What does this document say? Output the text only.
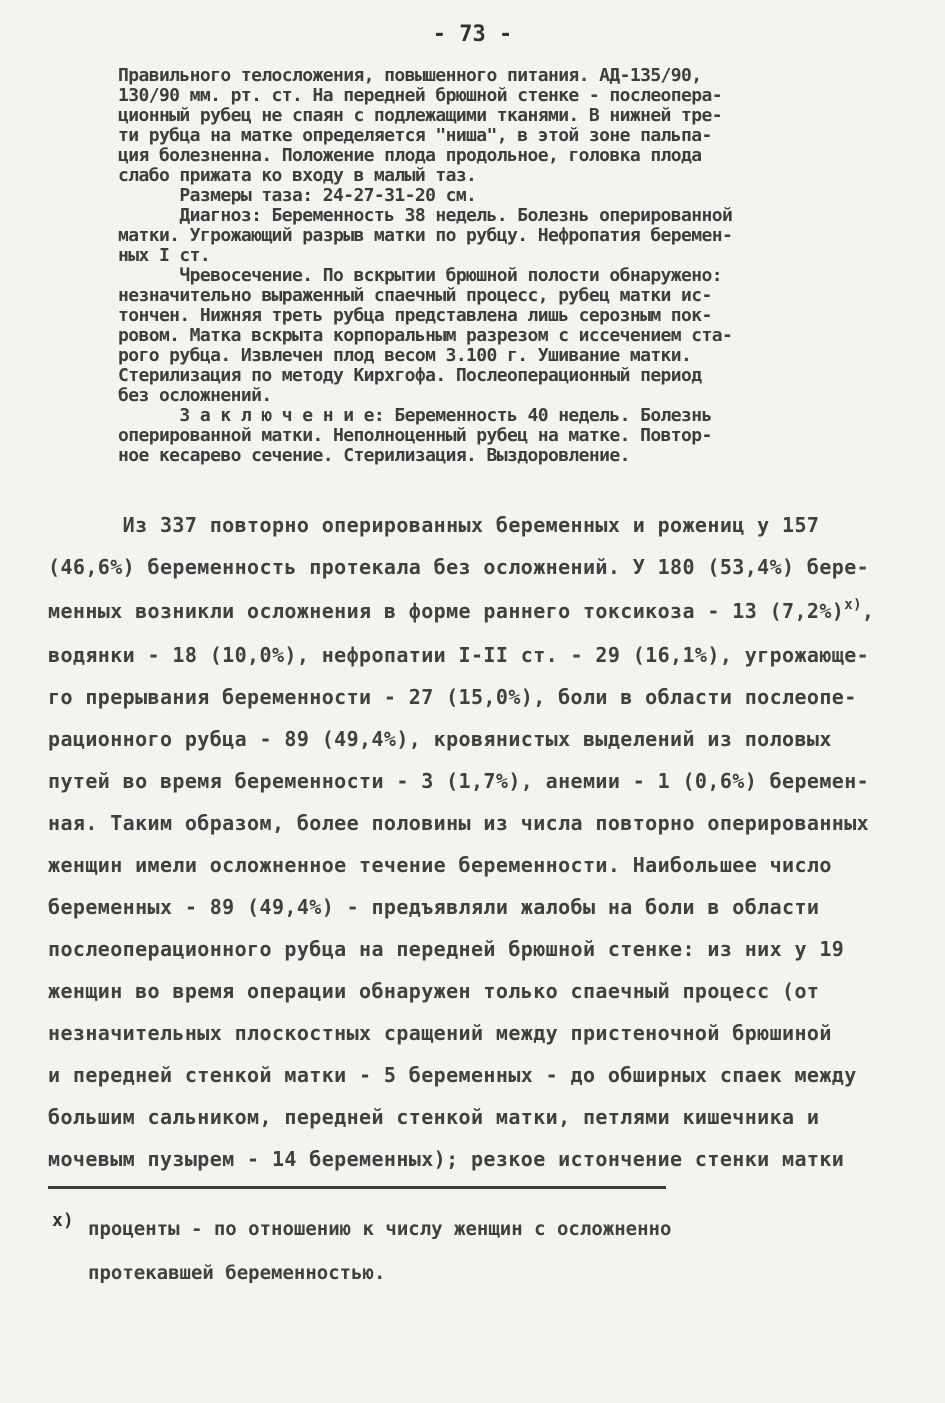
- 73 -
Правильного телосложения, повышенного питания. АД-135/90,
130/90 мм. рт. ст. На передней брюшной стенке - послеопера-
ционный рубец не спаян с подлежащими тканями. В нижней тре-
ти рубца на матке определяется "ниша", в этой зоне пальпа-
ция болезненна. Положение плода продольное, головка плода
слабо прижата ко входу в малый таз.
Размеры таза: 24-27-31-20 см.
Диагноз: Беременность 38 недель. Болезнь оперированной
матки. Угрожающий разрыв матки по рубцу. Нефропатия беремен-
ных I ст.
Чревосечение. По вскрытии брюшной полости обнаружено:
незначительно выраженный спаечный процесс, рубец матки ис-
тончен. Нижняя треть рубца представлена лишь серозным пок-
ровом. Матка вскрыта корпоральным разрезом с иссечением ста-
рого рубца. Извлечен плод весом 3.100 г. Ушивание матки.
Стерилизация по методу Кирхгофа. Послеоперационный период
без осложнений.
З а к л ю ч е н и е: Беременность 40 недель. Болезнь
оперированной матки. Неполноценный рубец на матке. Повтор-
ное кесарево сечение. Стерилизация. Выздоровление.
Из 337 повторно оперированных беременных и рожениц у 157
(46,6%) беременность протекала без осложнений. У 180 (53,4%) бере-
менных возникли осложнения в форме раннего токсикоза - 13 $(7,2\%)^{x)}$,
водянки - 18 (10,0%), нефропатии I-II ст. - 29 (16,1%), угрожающе-
го прерывания беременности - 27 (15,0%), боли в области послеопе-
рационного рубца - 89 (49,4%), кровянистых выделений из половых
путей во время беременности - 3 (1,7%), анемии - 1 (0,6%) беремен-
ная. Таким образом, более половины из числа повторно оперированных
женщин имели осложненное течение беременности. Наибольшее число
беременных - 89 (49,4%) - предъявляли жалобы на боли в области
послеоперационного рубца на передней брюшной стенке: из них у 19
женщин во время операции обнаружен только спаечный процесс (от
незначительных плоскостных сращений между пристеночной брюшиной
и передней стенкой матки - 5 беременных - до обширных спаек между
большим сальником, передней стенкой матки, петлями кишечника и
мочевым пузырем - 14 беременных); резкое истончение стенки матки
x) проценты - по отношению к числу женщин с осложненно
протекавшей беременностью.
